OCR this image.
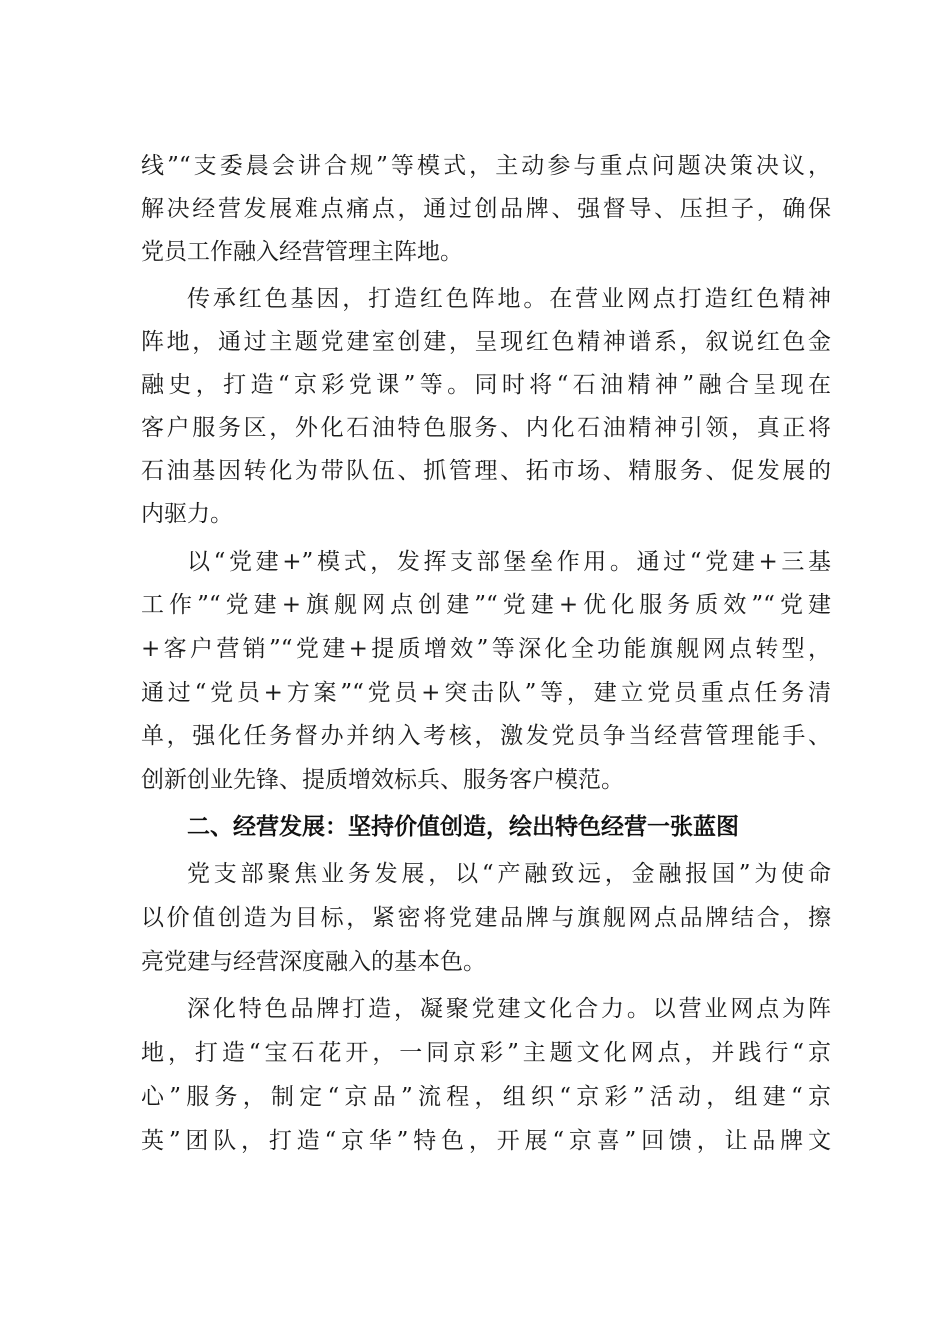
线”“支委晨会讲合规”等模式，主动参与重点问题决策决议，
解决经营发展难点痛点，通过创品牌、强督导、压担子，确保
党员工作融入经营管理主阵地。
传承红色基因，打造红色阵地。在营业网点打造红色精神
阵地，通过主题党建室创建，呈现红色精神谱系，叙说红色金
融史，打造“京彩党课”等。同时将“石油精神”融合呈现在
客户服务区，外化石油特色服务、内化石油精神引领，真正将
石油基因转化为带队伍、抓管理、拓市场、精服务、促发展的
内驱力。
以“党建+”模式，发挥支部堡垒作用。通过“党建+三基
工作”“党建+旗舰网点创建”“党建+优化服务质效”“党建
+客户营销”“党建+提质增效”等深化全功能旗舰网点转型，
通过“党员+方案”“党员+突击队”等，建立党员重点任务清
单，强化任务督办并纳入考核，激发党员争当经营管理能手、
创新创业先锋、提质增效标兵、服务客户模范。
二、经营发展：坚持价值创造，绘出特色经营一张蓝图
党支部聚焦业务发展，以“产融致远，金融报国”为使命
以价值创造为目标，紧密将党建品牌与旗舰网点品牌结合，擦
亮党建与经营深度融入的基本色。
深化特色品牌打造，凝聚党建文化合力。以营业网点为阵
地，打造“宝石花开，一同京彩”主题文化网点，并践行“京
心”服务，制定“京品”流程，组织“京彩”活动，组建“京
英”团队，打造“京华”特色，开展“京喜”回馈，让品牌文
